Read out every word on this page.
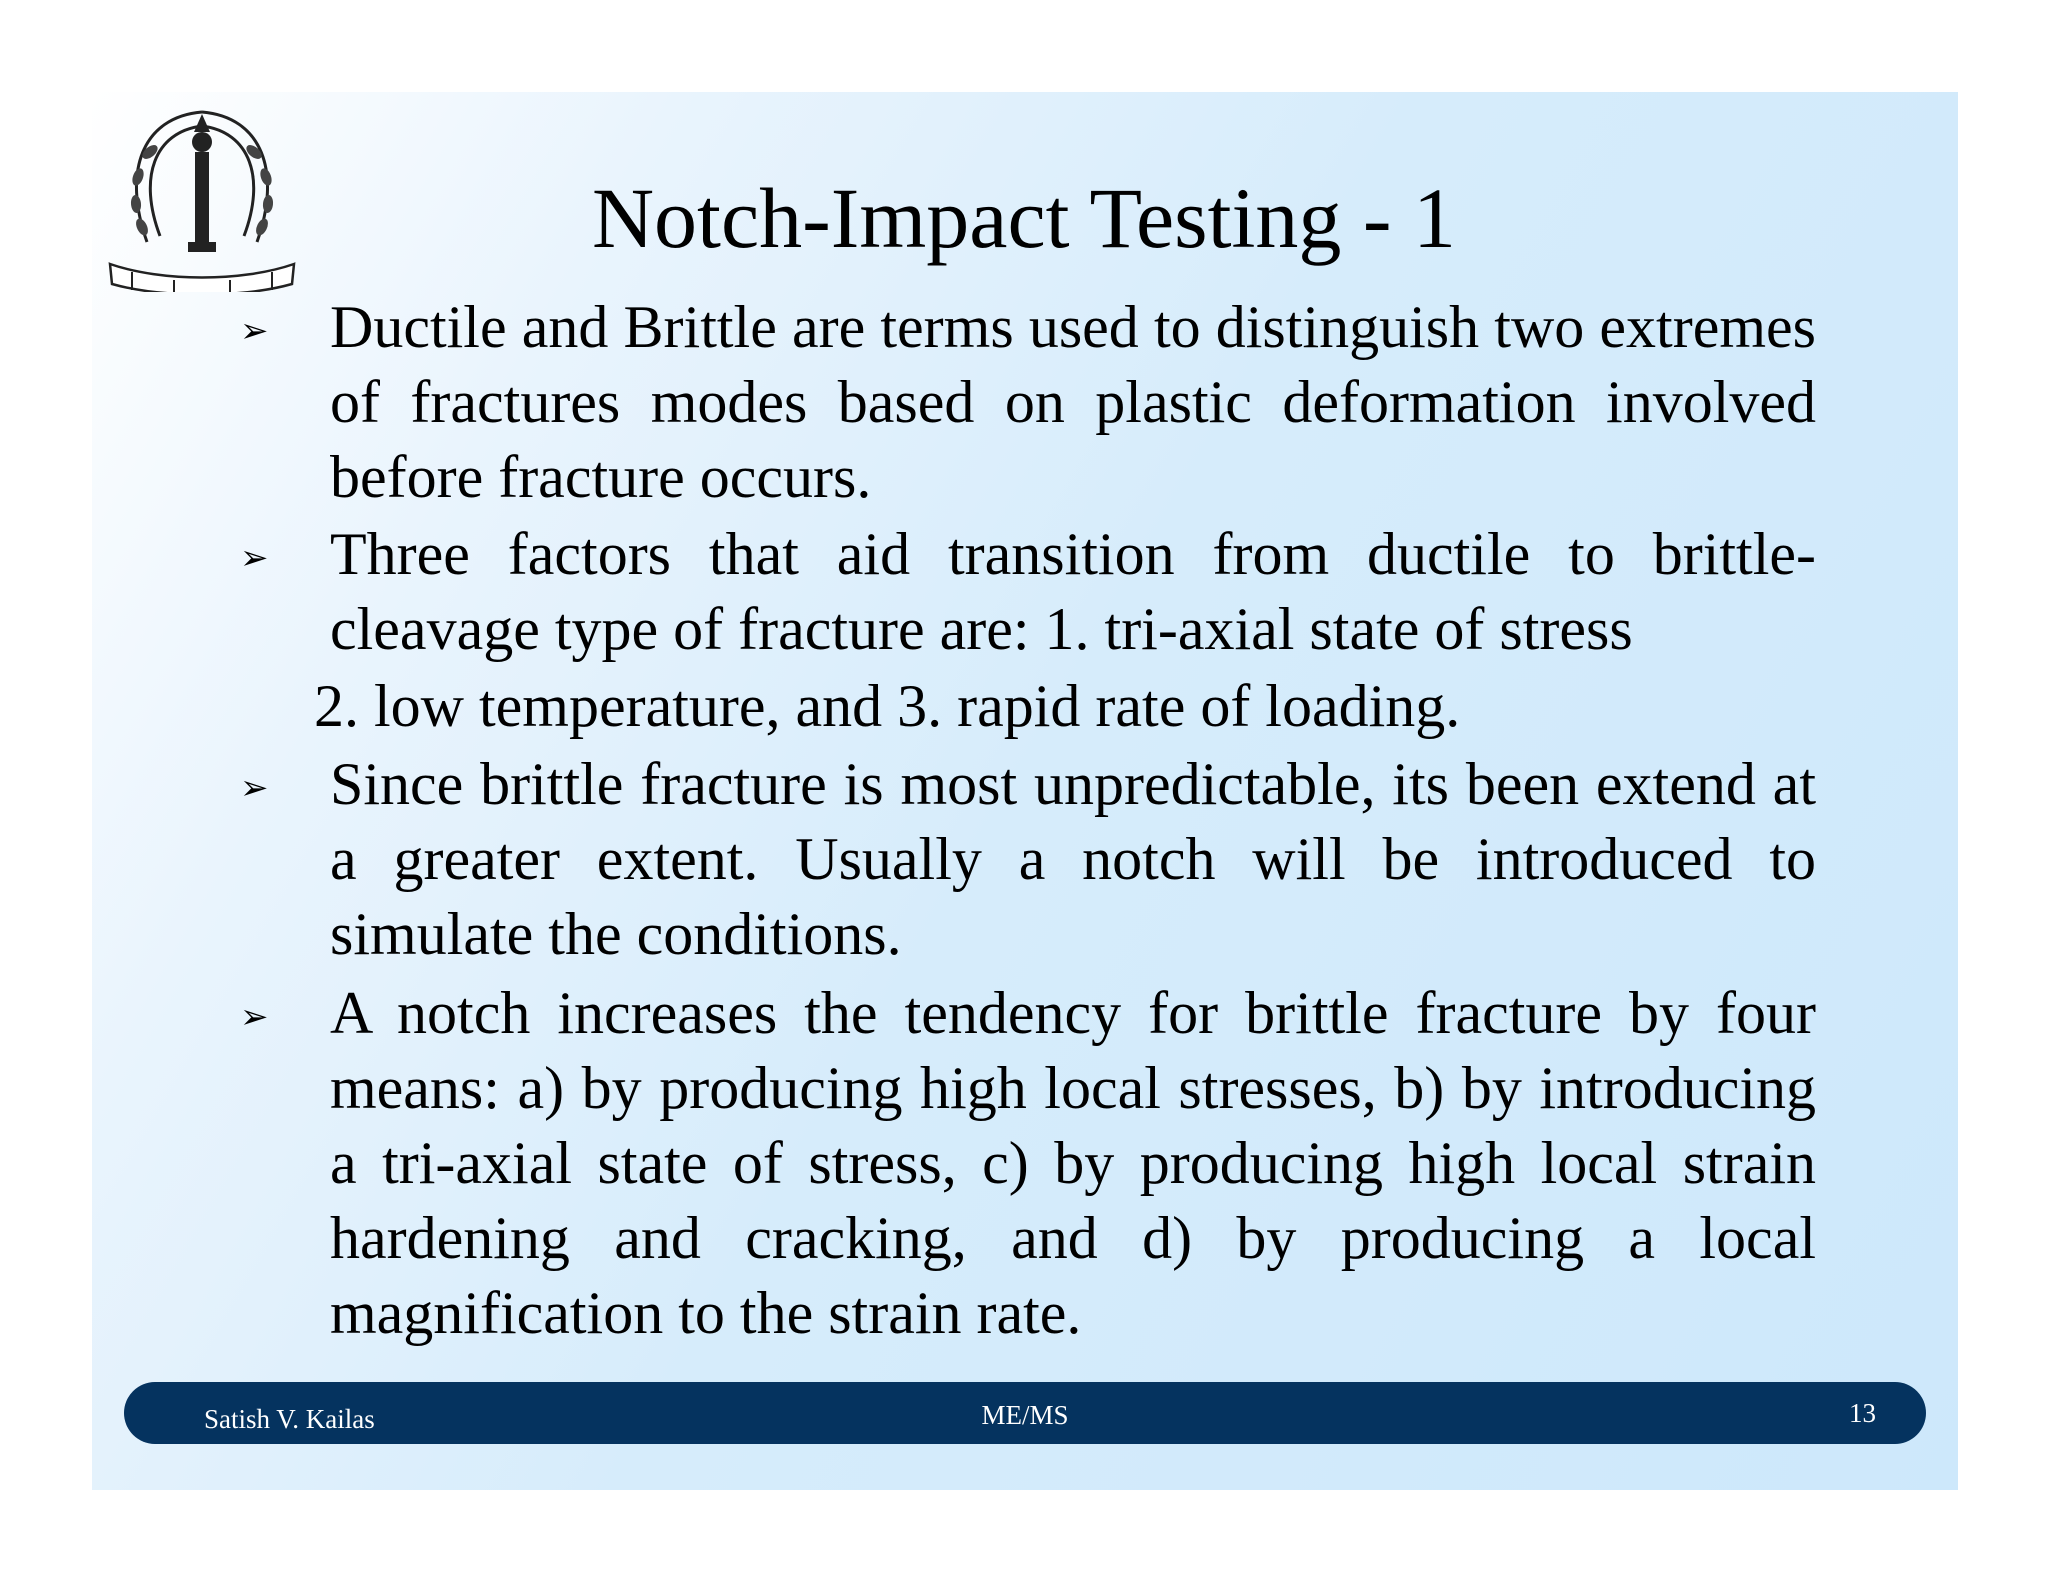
Notch-Impact Testing - 1
➢ Ductile and Brittle are terms used to distinguish two extremes of fractures modes based on plastic deformation involved before fracture occurs.
➢ Three factors that aid transition from ductile to brittle-cleavage type of fracture are: 1. tri-axial state of stress
2. low temperature, and 3. rapid rate of loading.
➢ Since brittle fracture is most unpredictable, its been extend at a greater extent. Usually a notch will be introduced to simulate the conditions.
➢ A notch increases the tendency for brittle fracture by four means: a) by producing high local stresses, b) by introducing a tri-axial state of stress, c) by producing high local strain hardening and cracking, and d) by producing a local magnification to the strain rate.
Satish V. Kailas	ME/MS	13
